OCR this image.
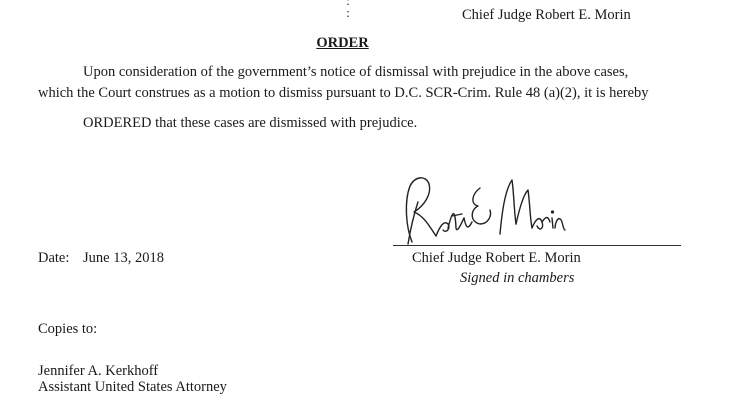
:
:	Chief Judge Robert E. Morin
ORDER
Upon consideration of the government’s notice of dismissal with prejudice in the above cases,
which the Court construes as a motion to dismiss pursuant to D.C. SCR-Crim. Rule 48 (a)(2), it is hereby
ORDERED that these cases are dismissed with prejudice.
Date: June 13, 2018	Chief Judge Robert E. Morin
Signed in chambers
Copies to:
Jennifer A. Kerkhoff
Assistant United States Attorney
